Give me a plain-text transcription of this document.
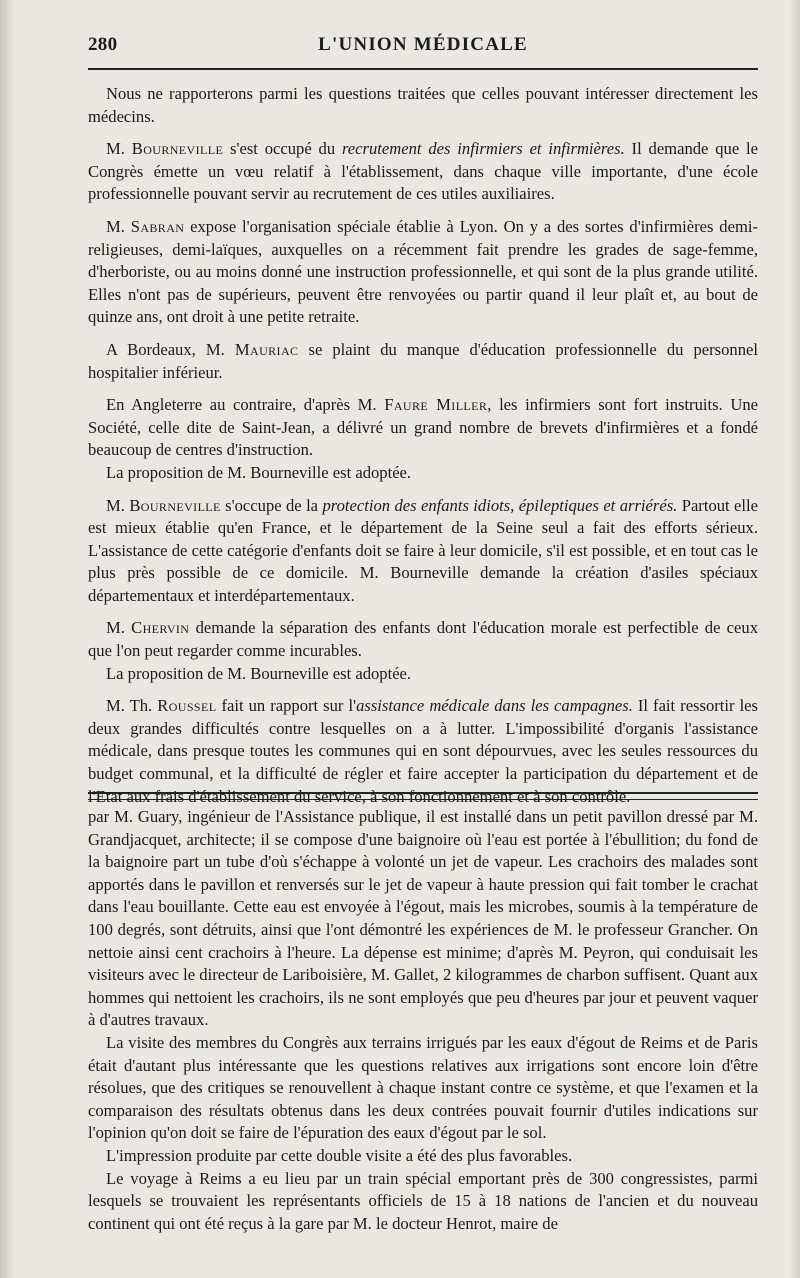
280	L'UNION MÉDICALE

Nous ne rapporterons parmi les questions traitées que celles pouvant intéresser directement les médecins.

M. Bourneville s'est occupé du recrutement des infirmiers et infirmières. Il demande que le Congrès émette un vœu relatif à l'établissement, dans chaque ville importante, d'une école professionnelle pouvant servir au recrutement de ces utiles auxiliaires.

M. Sabran expose l'organisation spéciale établie à Lyon. On y a des sortes d'infirmières demi-religieuses, demi-laïques, auxquelles on a récemment fait prendre les grades de sage-femme, d'herboriste, ou au moins donné une instruction professionnelle, et qui sont de la plus grande utilité. Elles n'ont pas de supérieurs, peuvent être renvoyées ou partir quand il leur plaît et, au bout de quinze ans, ont droit à une petite retraite.

A Bordeaux, M. Mauriac se plaint du manque d'éducation professionnelle du personnel hospitalier inférieur.

En Angleterre au contraire, d'après M. Faure Miller, les infirmiers sont fort instruits. Une Société, celle dite de Saint-Jean, a délivré un grand nombre de brevets d'infirmières et a fondé beaucoup de centres d'instruction.

La proposition de M. Bourneville est adoptée.

M. Bourneville s'occupe de la protection des enfants idiots, épileptiques et arriérés. Partout elle est mieux établie qu'en France, et le département de la Seine seul a fait des efforts sérieux. L'assistance de cette catégorie d'enfants doit se faire à leur domicile, s'il est possible, et en tout cas le plus près possible de ce domicile. M. Bourneville demande la création d'asiles spéciaux départementaux et interdépartementaux.

M. Chervin demande la séparation des enfants dont l'éducation morale est perfectible de ceux que l'on peut regarder comme incurables.

La proposition de M. Bourneville est adoptée.

M. Th. Roussel fait un rapport sur l'assistance médicale dans les campagnes. Il fait ressortir les deux grandes difficultés contre lesquelles on a à lutter. L'impossibilité d'organis l'assistance médicale, dans presque toutes les communes qui en sont dépourvues, avec les seules ressources du budget communal, et la difficulté de régler et faire accepter la participation du département et de l'Etat aux frais d'établissement du service, à son fonctionnement et à son contrôle.

par M. Guary, ingénieur de l'Assistance publique, il est installé dans un petit pavillon dressé par M. Grandjacquet, architecte; il se compose d'une baignoire où l'eau est portée à l'ébullition; du fond de la baignoire part un tube d'où s'échappe à volonté un jet de vapeur. Les crachoirs des malades sont apportés dans le pavillon et renversés sur le jet de vapeur à haute pression qui fait tomber le crachat dans l'eau bouillante. Cette eau est envoyée à l'égout, mais les microbes, soumis à la température de 100 degrés, sont détruits, ainsi que l'ont démontré les expériences de M. le professeur Grancher. On nettoie ainsi cent crachoirs à l'heure. La dépense est minime; d'après M. Peyron, qui conduisait les visiteurs avec le directeur de Lariboisière, M. Gallet, 2 kilogrammes de charbon suffisent. Quant aux hommes qui nettoient les crachoirs, ils ne sont employés que peu d'heures par jour et peuvent vaquer à d'autres travaux.

La visite des membres du Congrès aux terrains irrigués par les eaux d'égout de Reims et de Paris était d'autant plus intéressante que les questions relatives aux irrigations sont encore loin d'être résolues, que des critiques se renouvellent à chaque instant contre ce système, et que l'examen et la comparaison des résultats obtenus dans les deux contrées pouvait fournir d'utiles indications sur l'opinion qu'on doit se faire de l'épuration des eaux d'égout par le sol.

L'impression produite par cette double visite a été des plus favorables.

Le voyage à Reims a eu lieu par un train spécial emportant près de 300 congressistes, parmi lesquels se trouvaient les représentants officiels de 15 à 18 nations de l'ancien et du nouveau continent qui ont été reçus à la gare par M. le docteur Henrot, maire de
